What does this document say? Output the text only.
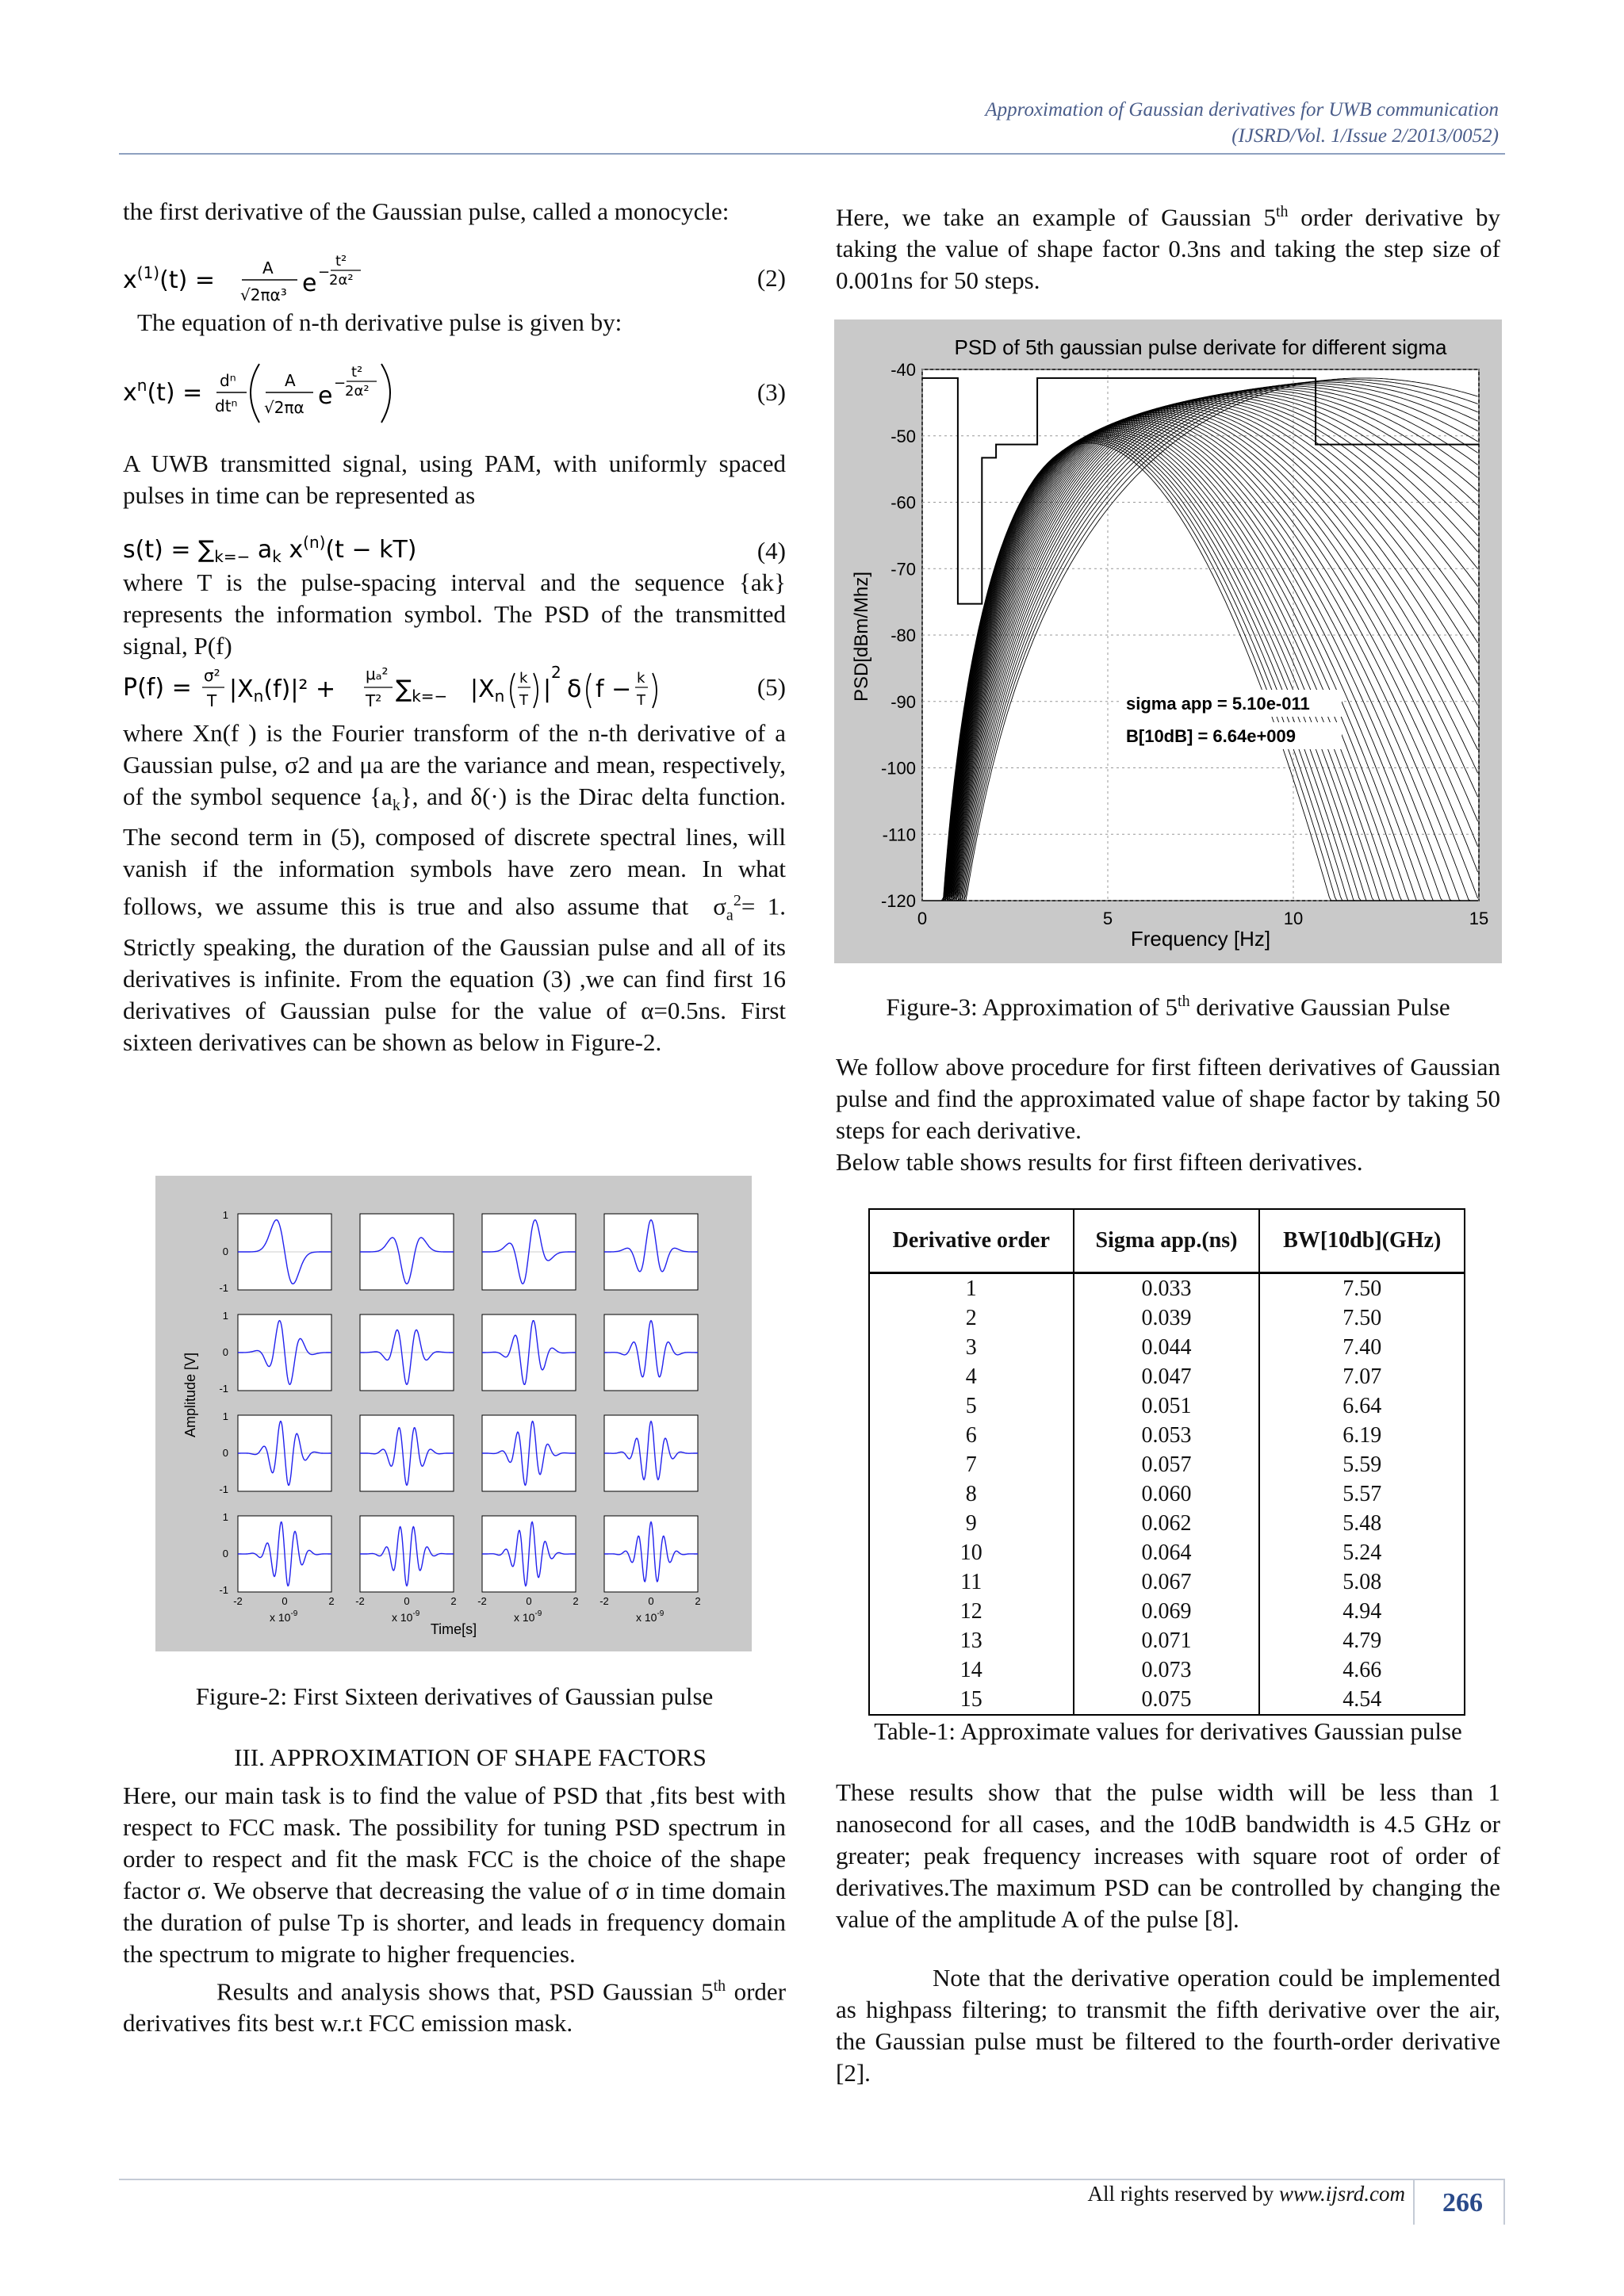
Approximation of Gaussian derivatives for UWB communication
(IJSRD/Vol. 1/Issue 2/2013/0052)

the first derivative of the Gaussian pulse, called a monocycle:

$x^{(1)}(t)$ =	A
√2πα³ e −
t²
2α²	(2)

The equation of n-th derivative pulse is given by:

$x^n(t) = d^n$
dtⁿ
A
√2πα e −
t²
2α²	(3)

A UWB transmitted signal, using PAM, with uniformly spaced pulses in time can be represented as

$s(t) = \sum_{k=-}$ $a_k$ $x^{(n)}(t - kT)$	(4)

where T is the pulse-spacing interval and the sequence {ak} represents the information symbol. The PSD of the transmitted signal, P(f)

P(f) = σ²
T $|X_n(f)|^2$ +
μₐ²
T² $\sum_{k=-}$ $|X_n$
k
T |
2
δ f − k
T	(5)

where Xn(f ) is the Fourier transform of the n-th derivative of a Gaussian pulse, σ2 and μa are the variance and mean, respectively, of the symbol sequence $\{a_k\}$, and δ(·) is the Dirac delta function. The second term in (5), composed of discrete spectral lines, will vanish if the information symbols have zero mean. In what follows, we assume this is true and also assume that  $\sigma_a^2= 1$. Strictly speaking, the duration of the Gaussian pulse and all of its derivatives is infinite. From the equation (3) ,we can find first 16 derivatives of Gaussian pulse for the value of α=0.5ns. First sixteen derivatives can be shown as below in Figure-2.

Amplitude [V]
1
0
-1
1
0
-1
1
0
-1
1
0
-1
-2	0	2 -2	0	2 -2	0	2 -2	0	2
x $10^{-9}$	x $10^{-9}$	x $10^{-9}$	x $10^{-9}$
Time[s]
Figure-2: First Sixteen derivatives of Gaussian pulse
III. APPROXIMATION OF SHAPE FACTORS

Here, our main task is to find the value of PSD that ,fits best with respect to FCC mask. The possibility for tuning PSD spectrum in order to respect and fit the mask FCC is the choice of the shape factor σ. We observe that decreasing the value of σ in time domain the duration of pulse Tp is shorter, and leads in frequency domain the spectrum to migrate to higher frequencies.

Results and analysis shows that, PSD Gaussian 5th order derivatives fits best w.r.t FCC emission mask.

Here, we take an example of Gaussian 5th order derivative by taking the value of shape factor 0.3ns and taking the step size of 0.001ns for 50 steps.

PSD of 5th gaussian pulse derivate for different sigma
-40
-50
-60
-70
-80
-90
-100
-110
-120
0	5	10	15
Frequency [Hz]
PSD[dBm/Mhz]
sigma app = 5.10e-011
B[10dB] = 6.64e+009
Figure-3: Approximation of 5th derivative Gaussian Pulse

We follow above procedure for first fifteen derivatives of Gaussian pulse and find the approximated value of shape factor by taking 50 steps for each derivative.

Below table shows results for first fifteen derivatives.

Derivative order	Sigma app.(ns)	BW[10db](GHz)
1	0.033	7.50
2	0.039	7.50
3	0.044	7.40
4	0.047	7.07
5	0.051	6.64
6	0.053	6.19
7	0.057	5.59
8	0.060	5.57
9	0.062	5.48
10	0.064	5.24
11	0.067	5.08
12	0.069	4.94
13	0.071	4.79
14	0.073	4.66
15	0.075	4.54
Table-1: Approximate values for derivatives Gaussian pulse

These results show that the pulse width will be less than 1 nanosecond for all cases, and the 10dB bandwidth is 4.5 GHz or greater; peak frequency increases with square root of order of derivatives.The maximum PSD can be controlled by changing the value of the amplitude A of the pulse [8].

Note that the derivative operation could be implemented as highpass filtering; to transmit the fifth derivative over the air, the Gaussian pulse must be filtered to the fourth-order derivative [2].

All rights reserved by www.ijsrd.com 266
